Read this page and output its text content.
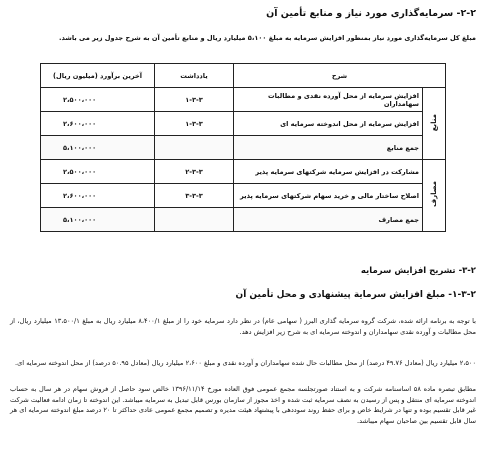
۲-۲- سرمایه‌گذاری مورد نیاز و منابع تأمین آن
مبلغ کل سرمایه‌گذاری مورد نیاز بمنظور افزایش سرمایه به مبلغ ۵،۱۰۰ میلیارد ریال و منابع تأمین آن به شرح جدول زیر می باشد.
شرح		یادداشت	آخرین برآورد (میلیون ریال)
منابع	افزایش سرمایه از محل آورده نقدی و مطالبات سهامداران	۱-۳-۳	۲،۵۰۰،۰۰۰
	افزایش سرمایه از محل اندوخته سرمایه ای	۱-۳-۳	۲،۶۰۰،۰۰۰
	جمع منابع		۵،۱۰۰،۰۰۰
مصارف	مشارکت در افزایش سرمایه شرکتهای سرمایه پذیر	۲-۳-۳	۲،۵۰۰،۰۰۰
	اصلاح ساختار مالی و خرید سهام شرکتهای سرمایه پذیر	۳-۳-۳	۲،۶۰۰،۰۰۰
	جمع مصارف		۵،۱۰۰،۰۰۰
۳-۲- تشریح افزایش سرمایه
۱-۳-۲- مبلغ افزایش سرمایة پیشنهادی و محل تأمین آن
با توجه به برنامه ارائه شده، شرکت گروه سرمایه گذاری البرز ( سهامی عام) در نظر دارد سرمایه خود را از مبلغ ۸،۴۰۰/۱ میلیارد ریال به مبلغ ۱۳،۵۰۰/۱ میلیارد ریال، از محل مطالبات و آورده نقدی سهامداران و اندوخته سرمایه ای به شرح زیر افزایش دهد.
۲،۵۰۰ میلیارد ریال (معادل ۴۹.۷۶ درصد) از محل مطالبات حال شده سهامداران و آورده نقدی و مبلغ ۲،۶۰۰ میلیارد ریال (معادل ۵۰.۹۵ درصد) از محل اندوخته سرمایه ای.
مطابق تبصره ماده ۵۸ اساسنامه شرکت و به استناد صورتجلسه مجمع عمومی فوق العاده مورخ ۱۳۹۶/۱۱/۱۴ خالص سود حاصل از فروش سهام در هر سال به حساب اندوخته سرمایه ای منتقل و پس از رسیدن به نصف سرمایه ثبت شده و اخذ مجوز از سازمان بورس قابل تبدیل به سرمایه میباشد. این اندوخته تا زمان ادامه فعالیت شرکت غیر قابل تقسیم بوده و تنها در شرایط خاص و برای حفظ روند سوددهی با پیشنهاد هیئت مدیره و تصمیم مجمع عمومی عادی حداکثر تا ۲۰ درصد مبلغ اندوخته سرمایه ای هر سال قابل تقسیم بین صاحبان سهام میباشد.
